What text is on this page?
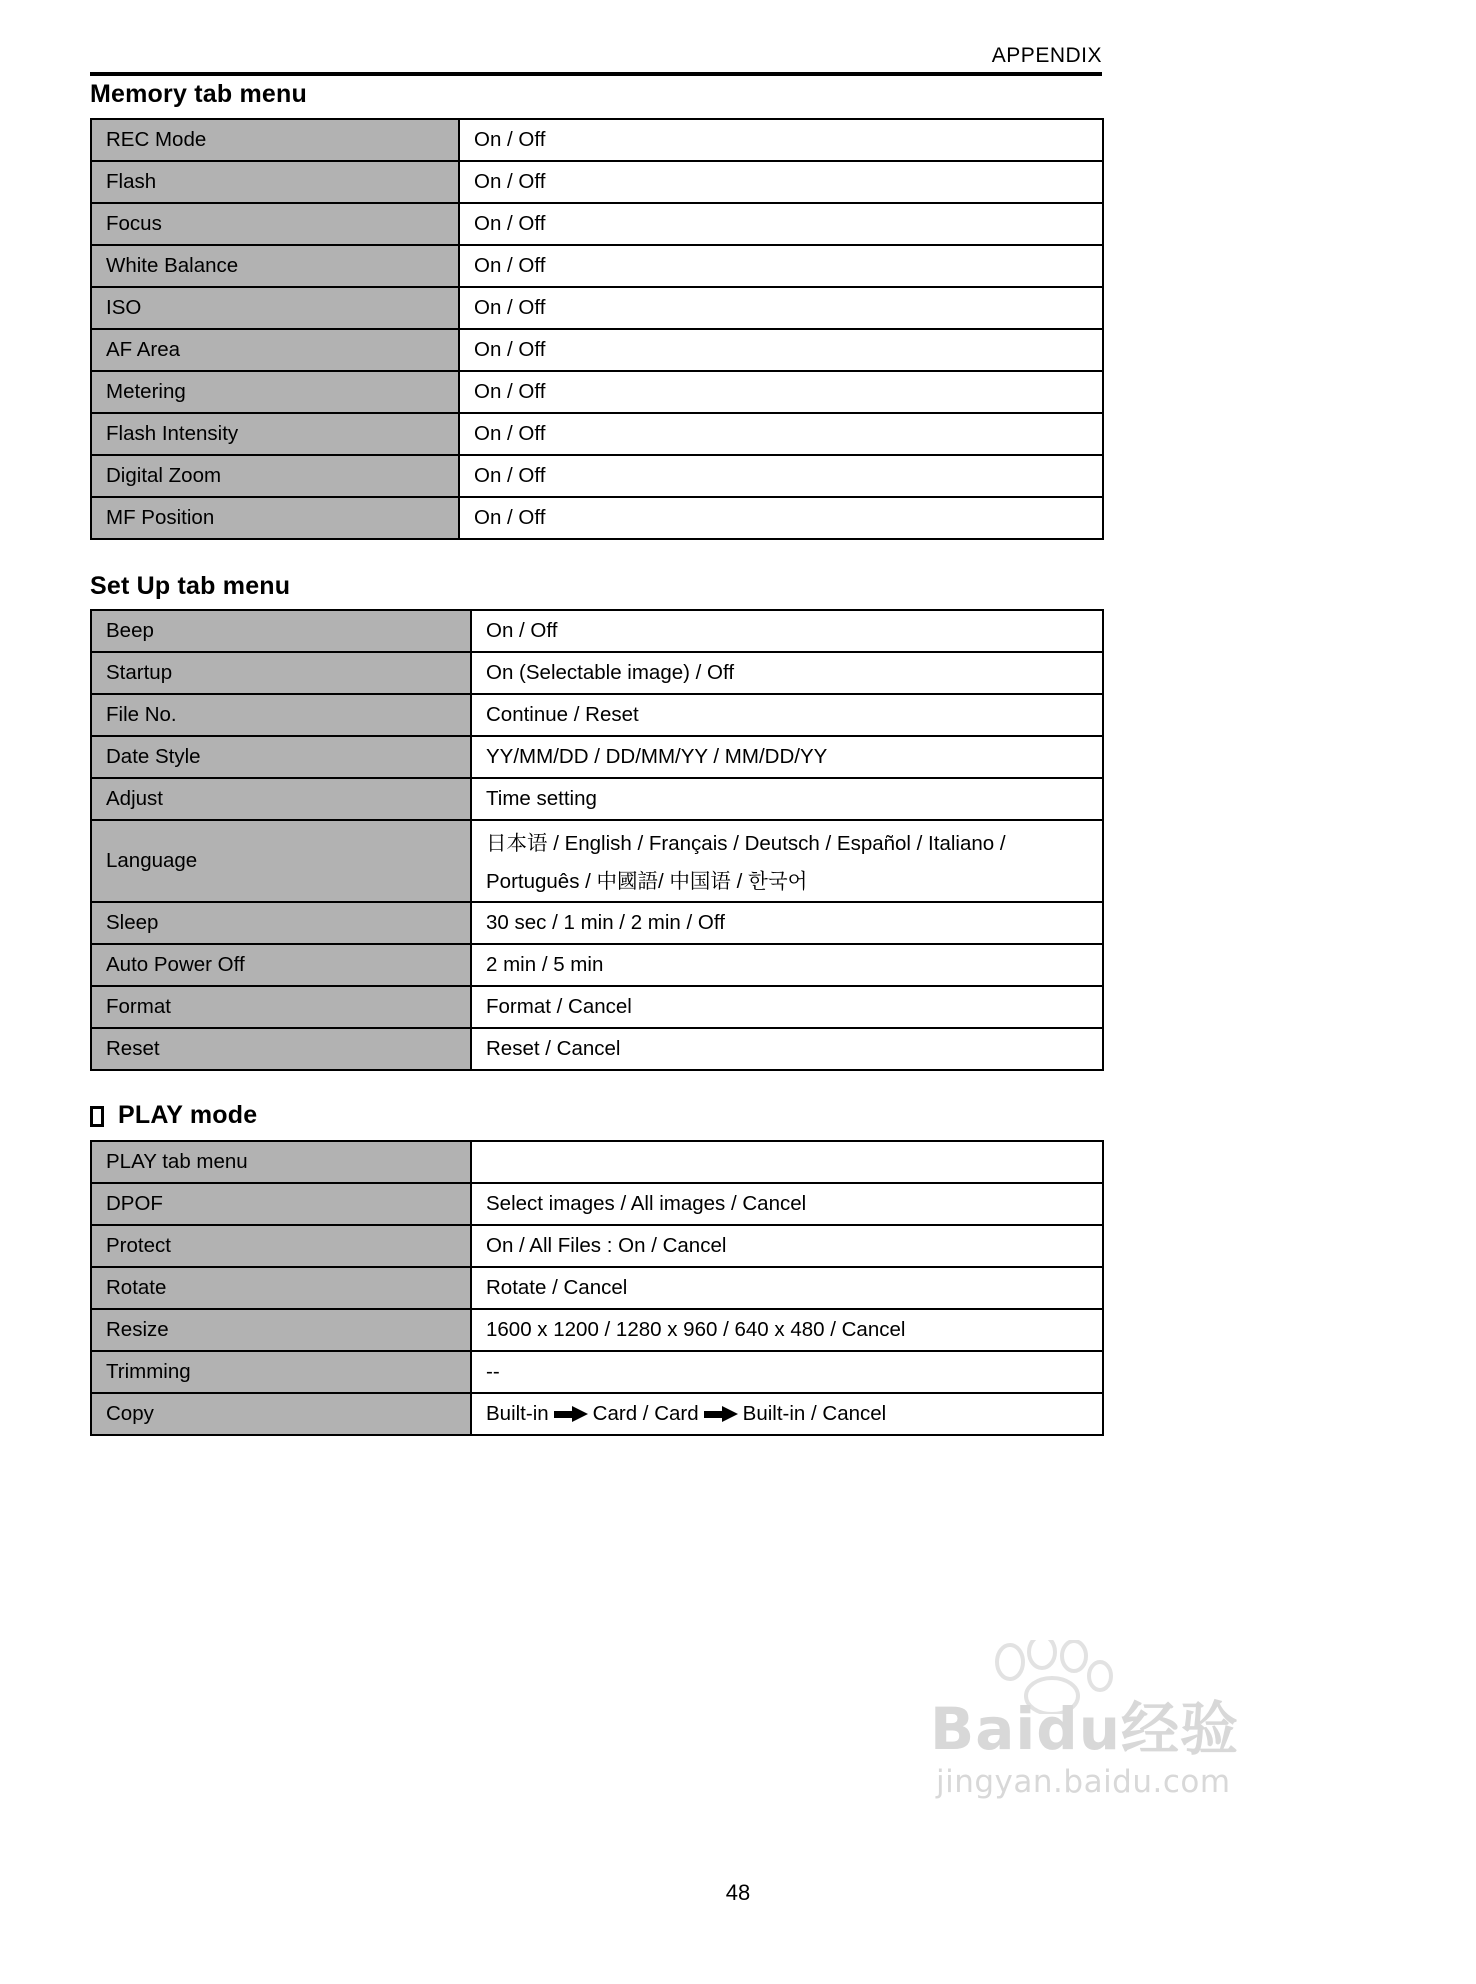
APPENDIX
Memory tab menu
REC Mode	On / Off
Flash	On / Off
Focus	On / Off
White Balance	On / Off
ISO	On / Off
AF Area	On / Off
Metering	On / Off
Flash Intensity	On / Off
Digital Zoom	On / Off
MF Position	On / Off
Set Up tab menu
Beep	On / Off
Startup	On (Selectable image) / Off
File No.	Continue / Reset
Date Style	YY/MM/DD / DD/MM/YY / MM/DD/YY
Adjust	Time setting
Language	日本语 / English / Français / Deutsch / Español / Italiano /
Português / 中國語/ 中国语 / 한국어

Sleep	30 sec / 1 min / 2 min / Off
Auto Power Off	2 min / 5 min
Format	Format / Cancel
Reset	Reset / Cancel
PLAY mode
PLAY tab menu	
DPOF	Select images / All images / Cancel
Protect	On / All Files : On / Cancel
Rotate	Rotate / Cancel
Resize	1600 x 1200 / 1280 x 960 / 640 x 480 / Cancel
Trimming	--
Copy	Built-in Card / Card Built-in / Cancel
Baidu经验
jingyan.baidu.com
48
